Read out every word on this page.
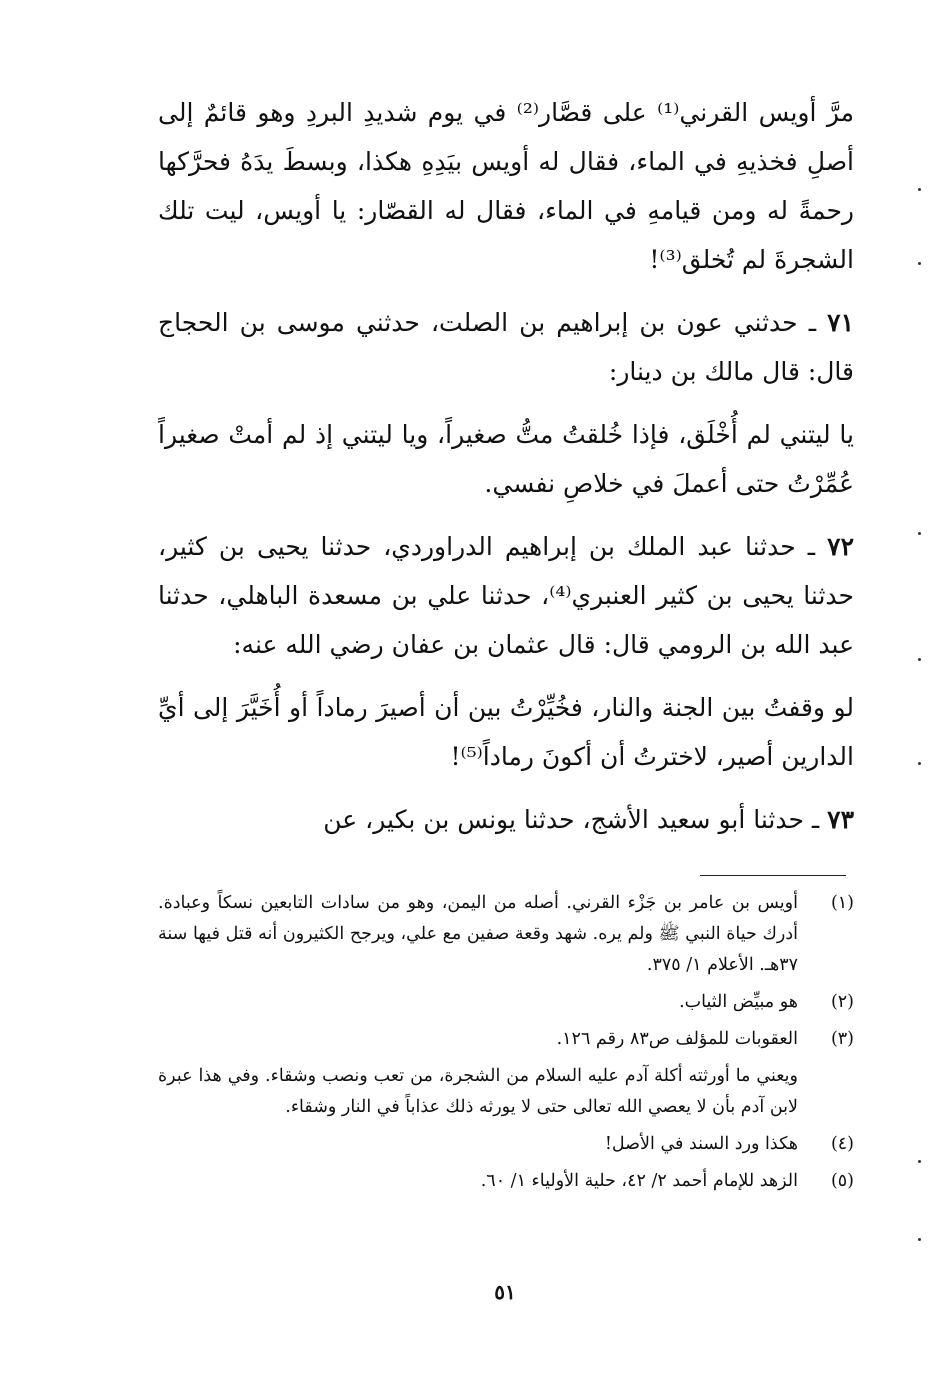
مرَّ أويس القرني⁽¹⁾ على قصَّار⁽²⁾ في يوم شديدِ البردِ وهو قائمٌ إلى أصلِ فخذيهِ في الماء، فقال له أويس بيَدِهِ هكذا، وبسطَ يدَهُ فحرَّكها رحمةً له ومن قيامهِ في الماء، فقال له القصّار: يا أويس، ليت تلك الشجرةَ لم تُخلق⁽³⁾!

٧١ ـ حدثني عون بن إبراهيم بن الصلت، حدثني موسى بن الحجاج قال: قال مالك بن دينار:

يا ليتني لم أُخْلَق، فإذا خُلقتُ متُّ صغيراً، ويا ليتني إذ لم أمتْ صغيراً عُمِّرْتُ حتى أعملَ في خلاصِ نفسي.

٧٢ ـ حدثنا عبد الملك بن إبراهيم الدراوردي، حدثنا يحيى بن كثير، حدثنا يحيى بن كثير العنبري⁽⁴⁾، حدثنا علي بن مسعدة الباهلي، حدثنا عبد الله بن الرومي قال: قال عثمان بن عفان رضي الله عنه:

لو وقفتُ بين الجنة والنار، فخُيِّرْتُ بين أن أصيرَ رماداً أو أُخَيَّرَ إلى أيِّ الدارين أصير، لاخترتُ أن أكونَ رماداً⁽⁵⁾!

٧٣ ـ حدثنا أبو سعيد الأشج، حدثنا يونس بن بكير، عن

(١)
أويس بن عامر بن جَزْء القرني. أصله من اليمن، وهو من سادات التابعين نسكاً وعبادة. أدرك حياة النبي ﷺ ولم يره. شهد وقعة صفين مع علي، ويرجح الكثيرون أنه قتل فيها سنة ٣٧هـ. الأعلام ١/ ٣٧٥.
(٢)
هو مبيِّض الثياب.
(٣)
العقوبات للمؤلف ص٨٣ رقم ١٢٦.
ويعني ما أورثته أكلة آدم عليه السلام من الشجرة، من تعب ونصب وشقاء. وفي هذا عبرة لابن آدم بأن لا يعصي الله تعالى حتى لا يورثه ذلك عذاباً في النار وشقاء.
(٤)
هكذا ورد السند في الأصل!
(٥)
الزهد للإمام أحمد ٢/ ٤٢، حلية الأولياء ١/ ٦٠.
٥١
